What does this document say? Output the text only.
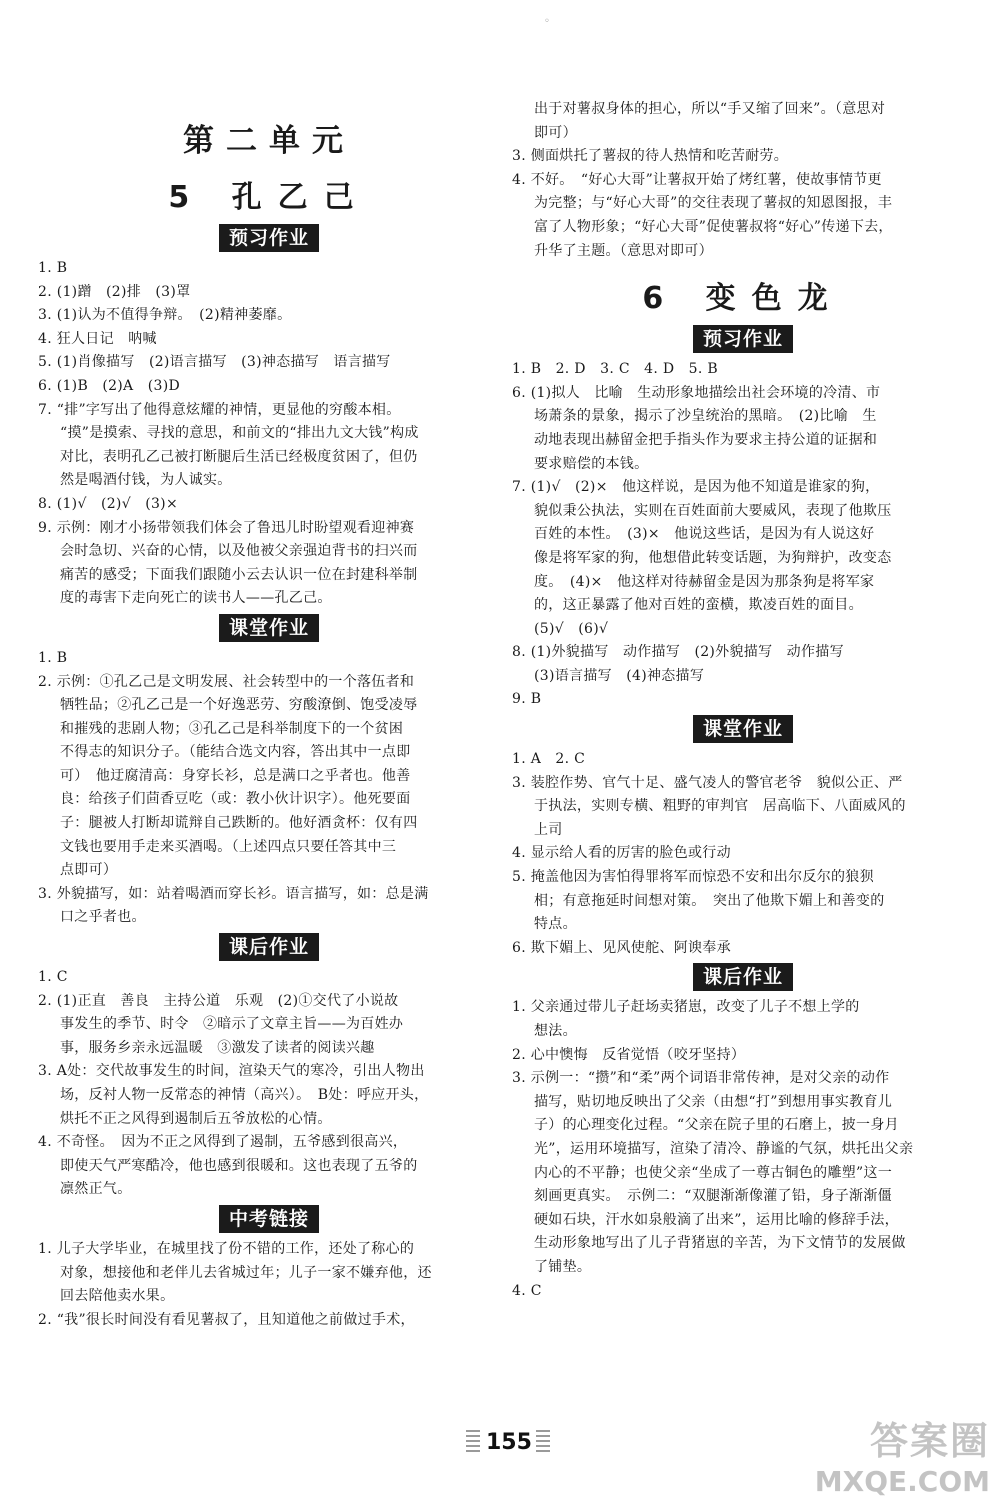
◦
第二单元
5 孔乙己
预习作业
1. B
2. (1)蹭　(2)排　(3)罩
3. (1)认为不值得争辩。　(2)精神萎靡。
4. 狂人日记　呐喊
5. (1)肖像描写　(2)语言描写　(3)神态描写　语言描写
6. (1)B　(2)A　(3)D
7. “排”字写出了他得意炫耀的神情，更显他的穷酸本相。
“摸”是摸索、寻找的意思，和前文的“排出九文大钱”构成
对比，表明孔乙己被打断腿后生活已经极度贫困了，但仍
然是喝酒付钱，为人诚实。
8. (1)√　(2)√　(3)×
9. 示例：刚才小扬带领我们体会了鲁迅儿时盼望观看迎神赛
会时急切、兴奋的心情，以及他被父亲强迫背书的扫兴而
痛苦的感受；下面我们跟随小云去认识一位在封建科举制
度的毒害下走向死亡的读书人——孔乙己。
课堂作业
1. B
2. 示例：①孔乙己是文明发展、社会转型中的一个落伍者和
牺牲品；②孔乙己是一个好逸恶劳、穷酸潦倒、饱受凌辱
和摧残的悲剧人物；③孔乙己是科举制度下的一个贫困
不得志的知识分子。（能结合选文内容，答出其中一点即
可）　他迂腐清高：身穿长衫，总是满口之乎者也。他善
良：给孩子们茴香豆吃（或：教小伙计识字）。他死要面
子：腿被人打断却谎辩自己跌断的。他好酒贪杯：仅有四
文钱也要用手走来买酒喝。（上述四点只要任答其中三
点即可）
3. 外貌描写，如：站着喝酒而穿长衫。语言描写，如：总是满
口之乎者也。
课后作业
1. C
2. (1)正直　善良　主持公道　乐观　(2)①交代了小说故
事发生的季节、时令　②暗示了文章主旨——为百姓办
事，服务乡亲永远温暖　③激发了读者的阅读兴趣
3. A处：交代故事发生的时间，渲染天气的寒冷，引出人物出
场，反衬人物一反常态的神情（高兴）。　B处：呼应开头，
烘托不正之风得到遏制后五爷放松的心情。
4. 不奇怪。　因为不正之风得到了遏制，五爷感到很高兴，
即使天气严寒酷冷，他也感到很暖和。这也表现了五爷的
凛然正气。
中考链接
1. 儿子大学毕业，在城里找了份不错的工作，还处了称心的
对象，想接他和老伴儿去省城过年；儿子一家不嫌弃他，还
回去陪他卖水果。
2. “我”很长时间没有看见薯叔了，且知道他之前做过手术，
出于对薯叔身体的担心，所以“手又缩了回来”。（意思对
即可）
3. 侧面烘托了薯叔的待人热情和吃苦耐劳。
4. 不好。　“好心大哥”让薯叔开始了烤红薯，使故事情节更
为完整；与“好心大哥”的交往表现了薯叔的知恩图报，丰
富了人物形象；“好心大哥”促使薯叔将“好心”传递下去，
升华了主题。（意思对即可）
6 变色龙
预习作业
1. B　2. D　3. C　4. D　5. B
6. (1)拟人　比喻　生动形象地描绘出社会环境的冷清、市
场萧条的景象，揭示了沙皇统治的黑暗。　(2)比喻　生
动地表现出赫留金把手指头作为要求主持公道的证据和
要求赔偿的本钱。
7. (1)√　(2)×　他这样说，是因为他不知道是谁家的狗，
貌似秉公执法，实则在百姓面前大要威风，表现了他欺压
百姓的本性。　(3)×　他说这些话，是因为有人说这好
像是将军家的狗，他想借此转变话题，为狗辩护，改变态
度。　(4)×　他这样对待赫留金是因为那条狗是将军家
的，这正暴露了他对百姓的蛮横，欺凌百姓的面目。
(5)√　(6)√
8. (1)外貌描写　动作描写　(2)外貌描写　动作描写
(3)语言描写　(4)神态描写
9. B
课堂作业
1. A　2. C
3. 装腔作势、官气十足、盛气凌人的警官老爷　貌似公正、严
于执法，实则专横、粗野的审判官　居高临下、八面威风的
上司
4. 显示给人看的厉害的脸色或行动
5. 掩盖他因为害怕得罪将军而惊恐不安和出尔反尔的狼狈
相；有意拖延时间想对策。　突出了他欺下媚上和善变的
特点。
6. 欺下媚上、见风使舵、阿谀奉承
课后作业
1. 父亲通过带儿子赶场卖猪崽，改变了儿子不想上学的
想法。
2. 心中懊悔　反省觉悟（咬牙坚持）
3. 示例一：“攒”和“柔”两个词语非常传神，是对父亲的动作
描写，贴切地反映出了父亲（由想“打”到想用事实教育儿
子）的心理变化过程。“父亲在院子里的石磨上，披一身月
光”，运用环境描写，渲染了清冷、静谧的气氛，烘托出父亲
内心的不平静；也使父亲“坐成了一尊古铜色的雕塑”这一
刻画更真实。　示例二：“双腿渐渐像灌了铅，身子渐渐僵
硬如石块，汗水如泉般滴了出来”，运用比喻的修辞手法，
生动形象地写出了儿子背猪崽的辛苦，为下文情节的发展做
了铺垫。
4. C
155	答案圈
MXQE.COM
